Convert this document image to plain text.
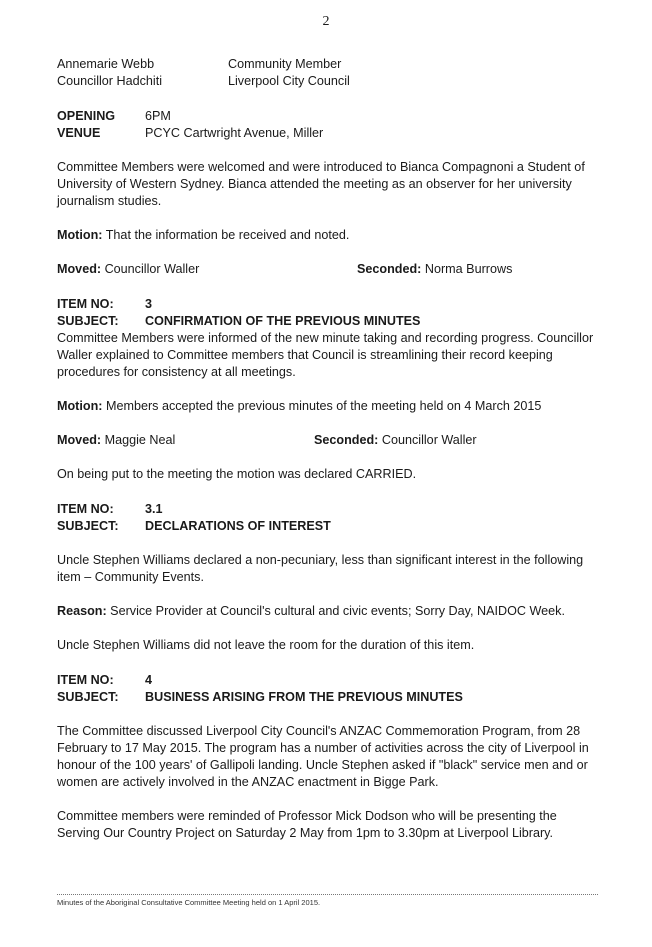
2
Annemarie Webb	Community Member
Councillor Hadchiti	Liverpool City Council
OPENING	6PM
VENUE	PCYC Cartwright Avenue, Miller

Committee Members were welcomed and were introduced to Bianca Compagnoni a Student of University of Western Sydney. Bianca attended the meeting as an observer for her university journalism studies.

Motion: That the information be received and noted.

Moved: Councillor Waller	Seconded: Norma Burrows
ITEM NO:	3
SUBJECT:	CONFIRMATION OF THE PREVIOUS MINUTES

Committee Members were informed of the new minute taking and recording progress. Councillor Waller explained to Committee members that Council is streamlining their record keeping procedures for consistency at all meetings.

Motion: Members accepted the previous minutes of the meeting held on 4 March 2015

Moved: Maggie Neal	Seconded: Councillor Waller

On being put to the meeting the motion was declared CARRIED.

ITEM NO:	3.1
SUBJECT:	DECLARATIONS OF INTEREST

Uncle Stephen Williams declared a non-pecuniary, less than significant interest in the following item – Community Events.

Reason: Service Provider at Council's cultural and civic events; Sorry Day, NAIDOC Week.

Uncle Stephen Williams did not leave the room for the duration of this item.

ITEM NO:	4
SUBJECT:	BUSINESS ARISING FROM THE PREVIOUS MINUTES

The Committee discussed Liverpool City Council's ANZAC Commemoration Program, from 28 February to 17 May 2015. The program has a number of activities across the city of Liverpool in honour of the 100 years' of Gallipoli landing. Uncle Stephen asked if "black" service men and or women are actively involved in the ANZAC enactment in Bigge Park.

Committee members were reminded of Professor Mick Dodson who will be presenting the Serving Our Country Project on Saturday 2 May from 1pm to 3.30pm at Liverpool Library.

Minutes of the Aboriginal Consultative Committee Meeting held on 1 April 2015.
